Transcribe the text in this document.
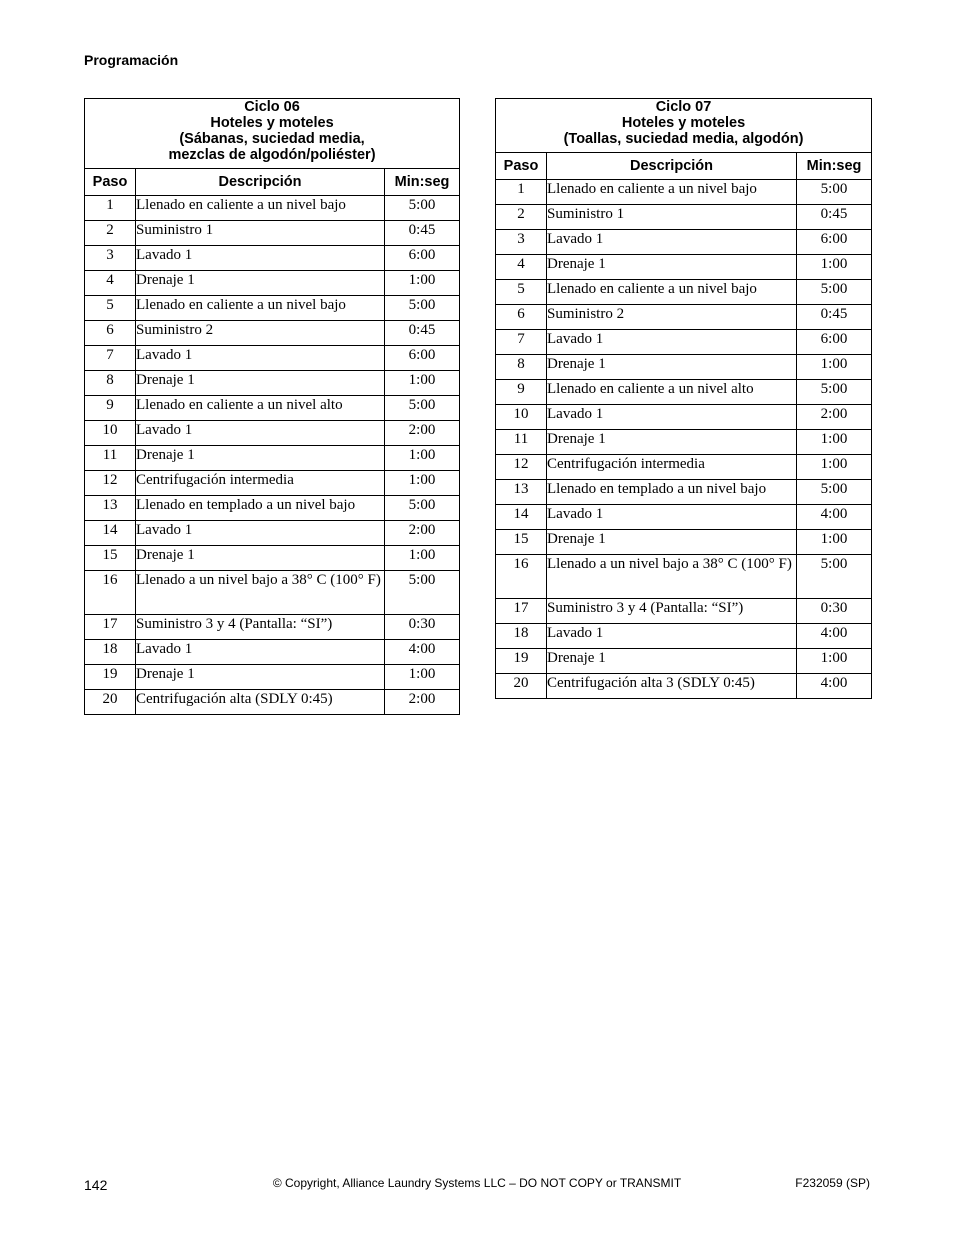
Programación
Ciclo 06
Hoteles y moteles
(Sábanas, suciedad media,
mezclas de algodón/poliéster)		

Paso	Descripción	Min:seg
1	Llenado en caliente a un nivel bajo	5:00
2	Suministro 1	0:45
3	Lavado 1	6:00
4	Drenaje 1	1:00
5	Llenado en caliente a un nivel bajo	5:00
6	Suministro 2	0:45
7	Lavado 1	6:00
8	Drenaje 1	1:00
9	Llenado en caliente a un nivel alto	5:00
10	Lavado 1	2:00
11	Drenaje 1	1:00
12	Centrifugación intermedia	1:00
13	Llenado en templado a un nivel bajo	5:00
14	Lavado 1	2:00
15	Drenaje 1	1:00
16	Llenado a un nivel bajo a 38° C (100° F)	5:00
17	Suministro 3 y 4 (Pantalla: “SI”)	0:30
18	Lavado 1	4:00
19	Drenaje 1	1:00
20	Centrifugación alta (SDLY 0:45)	2:00
Ciclo 07
Hoteles y moteles
(Toallas, suciedad media, algodón)		

Paso	Descripción	Min:seg
1	Llenado en caliente a un nivel bajo	5:00
2	Suministro 1	0:45
3	Lavado 1	6:00
4	Drenaje 1	1:00
5	Llenado en caliente a un nivel bajo	5:00
6	Suministro 2	0:45
7	Lavado 1	6:00
8	Drenaje 1	1:00
9	Llenado en caliente a un nivel alto	5:00
10	Lavado 1	2:00
11	Drenaje 1	1:00
12	Centrifugación intermedia	1:00
13	Llenado en templado a un nivel bajo	5:00
14	Lavado 1	4:00
15	Drenaje 1	1:00
16	Llenado a un nivel bajo a 38° C (100° F)	5:00
17	Suministro 3 y 4 (Pantalla: “SI”)	0:30
18	Lavado 1	4:00
19	Drenaje 1	1:00
20	Centrifugación alta 3 (SDLY 0:45)	4:00
142	© Copyright, Alliance Laundry Systems LLC – DO NOT COPY or TRANSMIT	F232059 (SP)
